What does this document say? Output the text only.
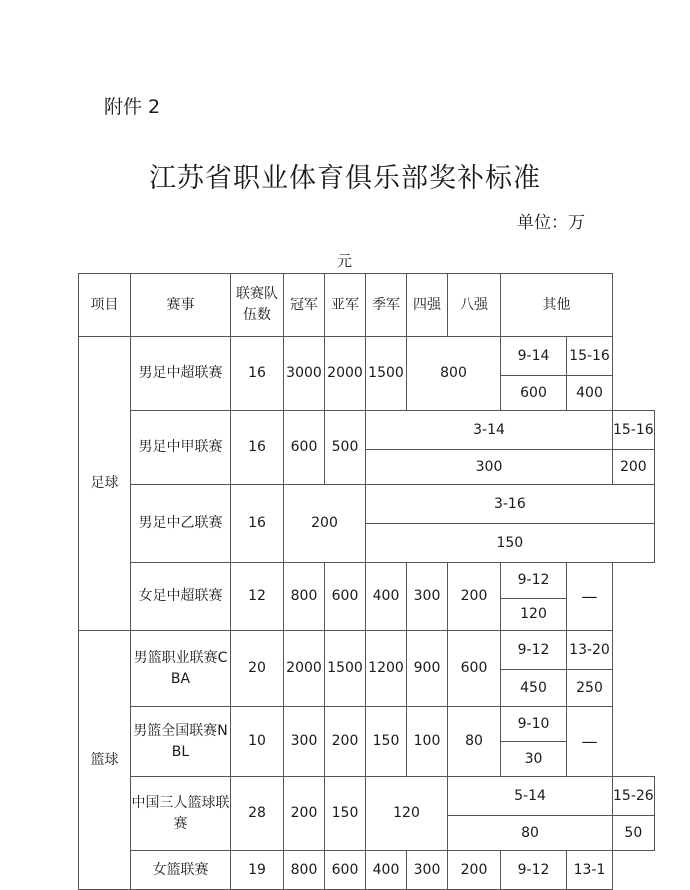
附件 2
江苏省职业体育俱乐部奖补标准
单位：万
元
项目	赛事	联赛队伍数	冠军	亚军	季军	四强	八强	其他		
足球	男足中超联赛	16	3000	2000	1500	800		9-14	15-16	
								600	400	
	男足中甲联赛	16	600	500	3-14					15-16
					300					200
	男足中乙联赛	16	200		3-16					
					150					
	女足中超联赛	12	800	600	400	300	200	9-12	—	
								120		
篮球	男篮职业联赛CBA	20	2000	1500	1200	900	600	9-12	13-20	
								450	250	
	男篮全国联赛NBL	10	300	200	150	100	80	9-10	—	
								30		
	中国三人篮球联赛	28	200	150	120		5-14			15-26
							80			50
	女篮联赛	19	800	600	400	300	200	9-12	13-1	
